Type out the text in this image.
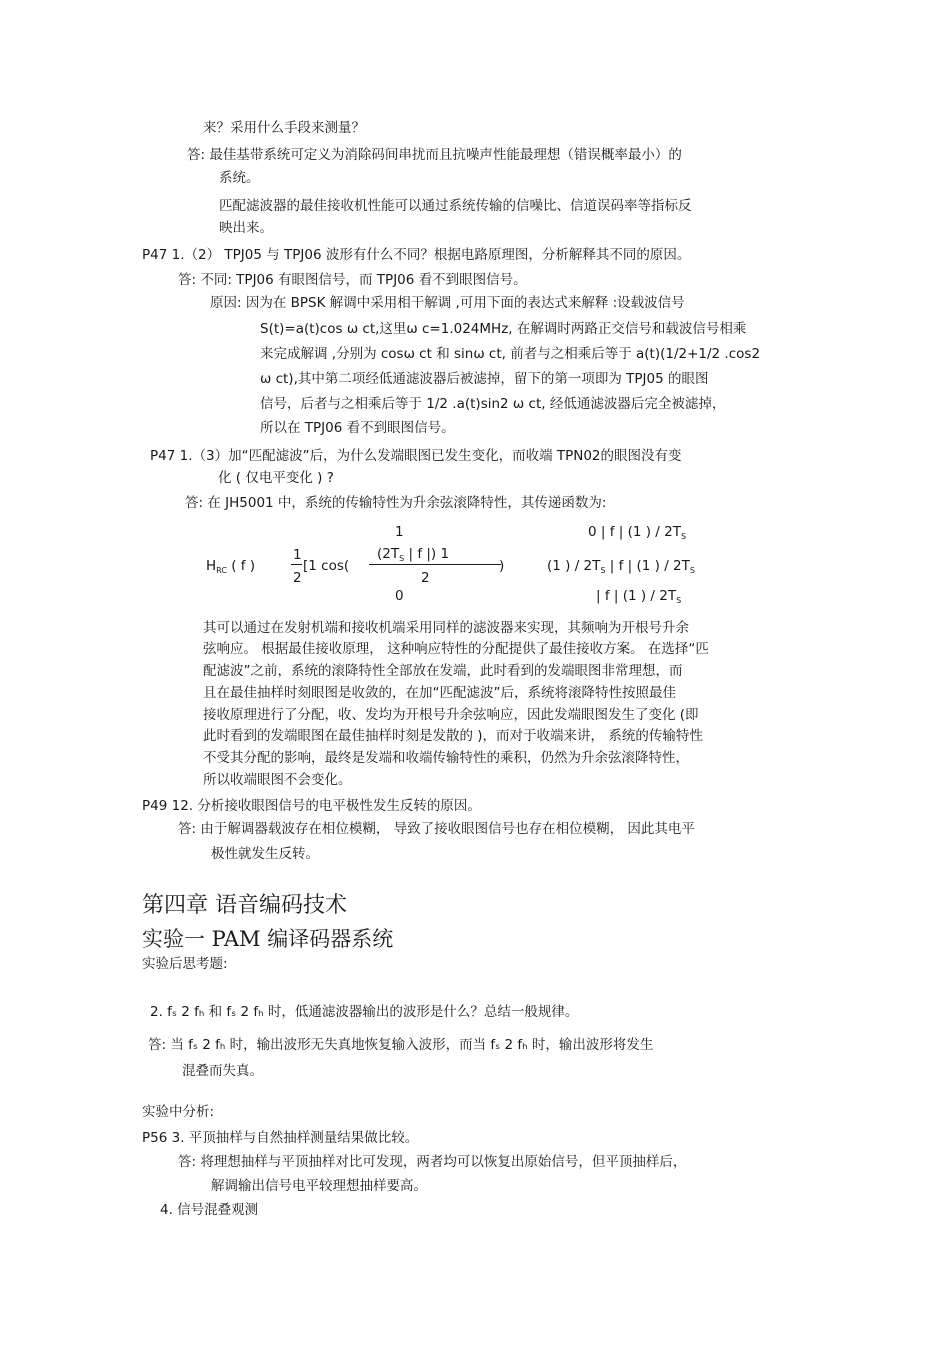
来？采用什么手段来测量？
答: 最佳基带系统可定义为消除码间串扰而且抗噪声性能最理想（错误概率最小）的
系统。
匹配滤波器的最佳接收机性能可以通过系统传输的信噪比、信道误码率等指标反
映出来。
P47 1.（2） TPJ05 与 TPJ06 波形有什么不同？根据电路原理图，分析解释其不同的原因。
答: 不同: TPJ06 有眼图信号，而 TPJ06 看不到眼图信号。
原因: 因为在 BPSK 解调中采用相干解调 ,可用下面的表达式来解释 :设载波信号
S(t)=a(t)cos ω ct,这里ω c=1.024MHz, 在解调时两路正交信号和载波信号相乘
来完成解调 ,分别为 cosω ct 和 sinω ct, 前者与之相乘后等于 a(t)(1/2+1/2 .cos2
ω ct),其中第二项经低通滤波器后被滤掉，留下的第一项即为 TPJ05 的眼图
信号，后者与之相乘后等于 1/2 .a(t)sin2 ω ct, 经低通滤波器后完全被滤掉，
所以在 TPJ06 看不到眼图信号。
P47 1.（3）加“匹配滤波”后，为什么发端眼图已发生变化，而收端 TPN02的眼图没有变
化 ( 仅电平变化 ) ?
答: 在 JH5001 中，系统的传输特性为升余弦滚降特性，其传递函数为:
1	0 | f | (1 ) / $2T_S$
$H_{RC}$ ( f )
1
2
[1 cos(
($2T_S$ | f |) 1
2
)	(1 ) / $2T_S$ | f | (1 ) / $2T_S$
0	| f | (1 ) / $2T_S$
其可以通过在发射机端和接收机端采用同样的滤波器来实现，其频响为开根号升余
弦响应。 根据最佳接收原理， 这种响应特性的分配提供了最佳接收方案。 在选择“匹
配滤波”之前，系统的滚降特性全部放在发端，此时看到的发端眼图非常理想，而
且在最佳抽样时刻眼图是收敛的，在加“匹配滤波”后，系统将滚降特性按照最佳
接收原理进行了分配，收、发均为开根号升余弦响应，因此发端眼图发生了变化 (即
此时看到的发端眼图在最佳抽样时刻是发散的 )，而对于收端来讲， 系统的传输特性
不受其分配的影响，最终是发端和收端传输特性的乘积，仍然为升余弦滚降特性，
所以收端眼图不会变化。
P49 12. 分析接收眼图信号的电平极性发生反转的原因。
答: 由于解调器载波存在相位模糊， 导致了接收眼图信号也存在相位模糊， 因此其电平
极性就发生反转。
第四章 语音编码技术
实验一 PAM 编译码器系统
实验后思考题:
2. fₛ 2 fₕ 和 fₛ 2 fₕ 时，低通滤波器输出的波形是什么？总结一般规律。
答: 当 fₛ 2 fₕ 时，输出波形无失真地恢复输入波形，而当 fₛ 2 fₕ 时，输出波形将发生
混叠而失真。
实验中分析:
P56 3. 平顶抽样与自然抽样测量结果做比较。
答: 将理想抽样与平顶抽样对比可发现，两者均可以恢复出原始信号，但平顶抽样后，
解调输出信号电平较理想抽样要高。
4. 信号混叠观测
